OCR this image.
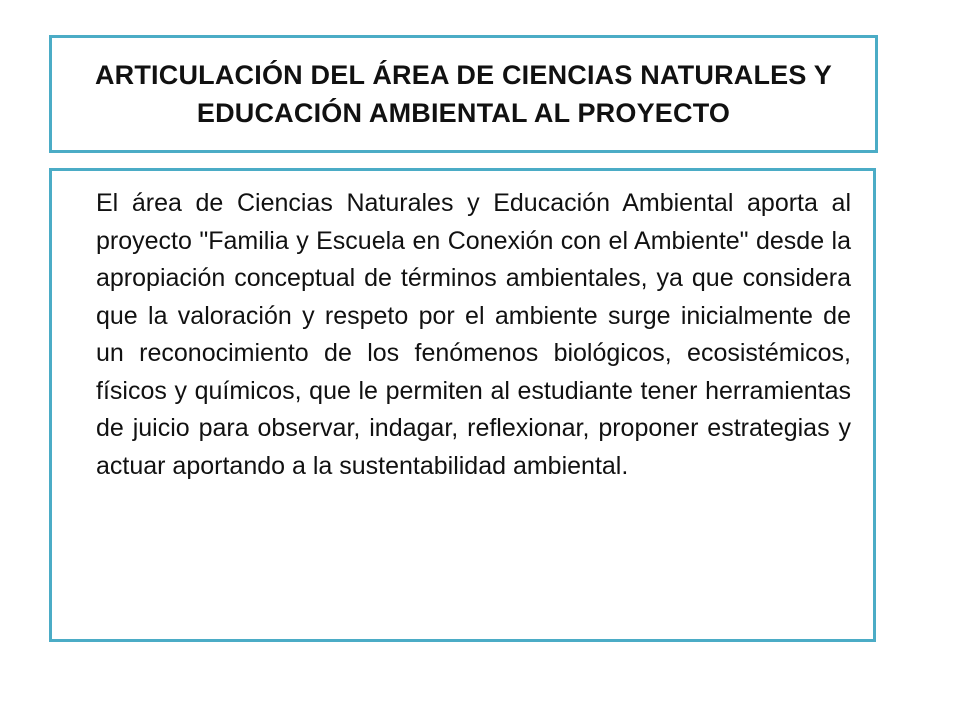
ARTICULACIÓN DEL ÁREA DE CIENCIAS NATURALES Y EDUCACIÓN AMBIENTAL AL PROYECTO

El área de Ciencias Naturales y Educación Ambiental aporta al proyecto "Familia y Escuela en Conexión con el Ambiente" desde la apropiación conceptual de términos ambientales, ya que considera que la valoración y respeto por el ambiente surge inicialmente de un reconocimiento de los fenómenos biológicos, ecosistémicos, físicos y químicos, que le permiten al estudiante tener herramientas de juicio para observar, indagar, reflexionar, proponer estrategias y actuar aportando a la sustentabilidad ambiental.
